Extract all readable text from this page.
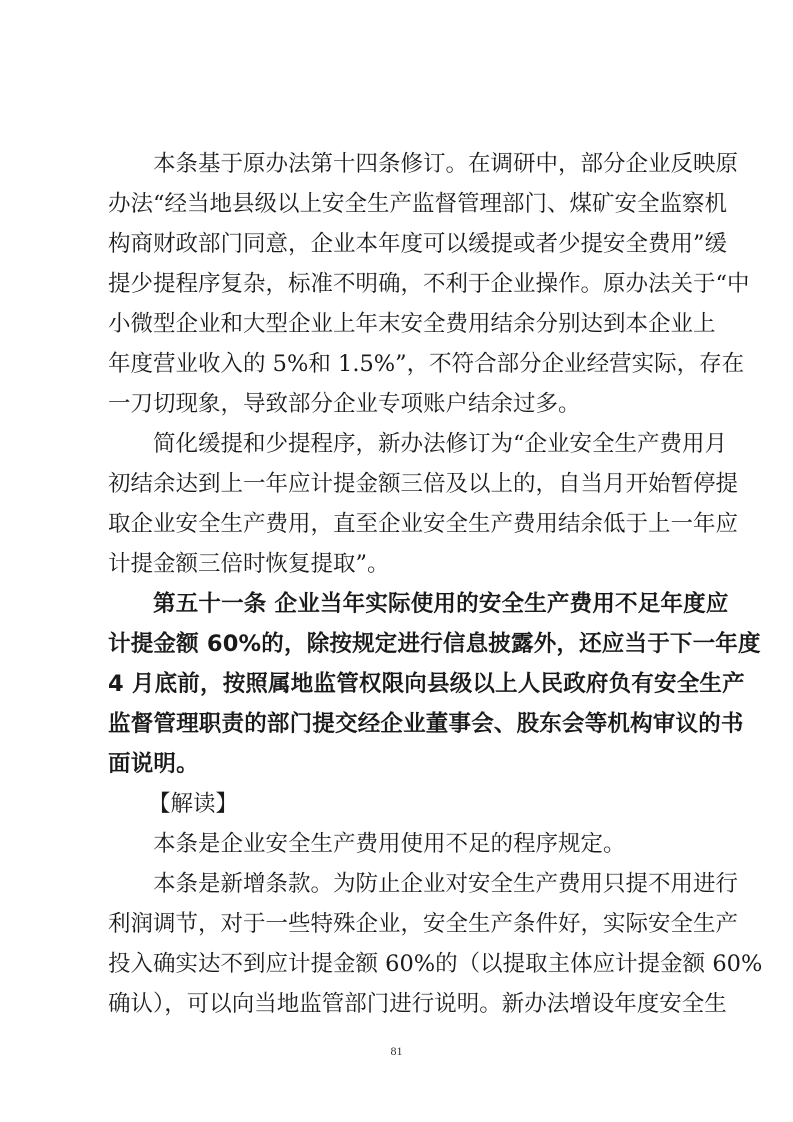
本条基于原办法第十四条修订。在调研中，部分企业反映原
办法“经当地县级以上安全生产监督管理部门、煤矿安全监察机
构商财政部门同意，企业本年度可以缓提或者少提安全费用”缓
提少提程序复杂，标准不明确，不利于企业操作。原办法关于“中
小微型企业和大型企业上年末安全费用结余分别达到本企业上
年度营业收入的 5%和 1.5%”，不符合部分企业经营实际，存在
一刀切现象，导致部分企业专项账户结余过多。
简化缓提和少提程序，新办法修订为“企业安全生产费用月
初结余达到上一年应计提金额三倍及以上的，自当月开始暂停提
取企业安全生产费用，直至企业安全生产费用结余低于上一年应
计提金额三倍时恢复提取”。
第五十一条 企业当年实际使用的安全生产费用不足年度应
计提金额 60%的，除按规定进行信息披露外，还应当于下一年度
4 月底前，按照属地监管权限向县级以上人民政府负有安全生产
监督管理职责的部门提交经企业董事会、股东会等机构审议的书
面说明。
【解读】
本条是企业安全生产费用使用不足的程序规定。
本条是新增条款。为防止企业对安全生产费用只提不用进行
利润调节，对于一些特殊企业，安全生产条件好，实际安全生产
投入确实达不到应计提金额 60%的（以提取主体应计提金额 60%
确认），可以向当地监管部门进行说明。新办法增设年度安全生
81
